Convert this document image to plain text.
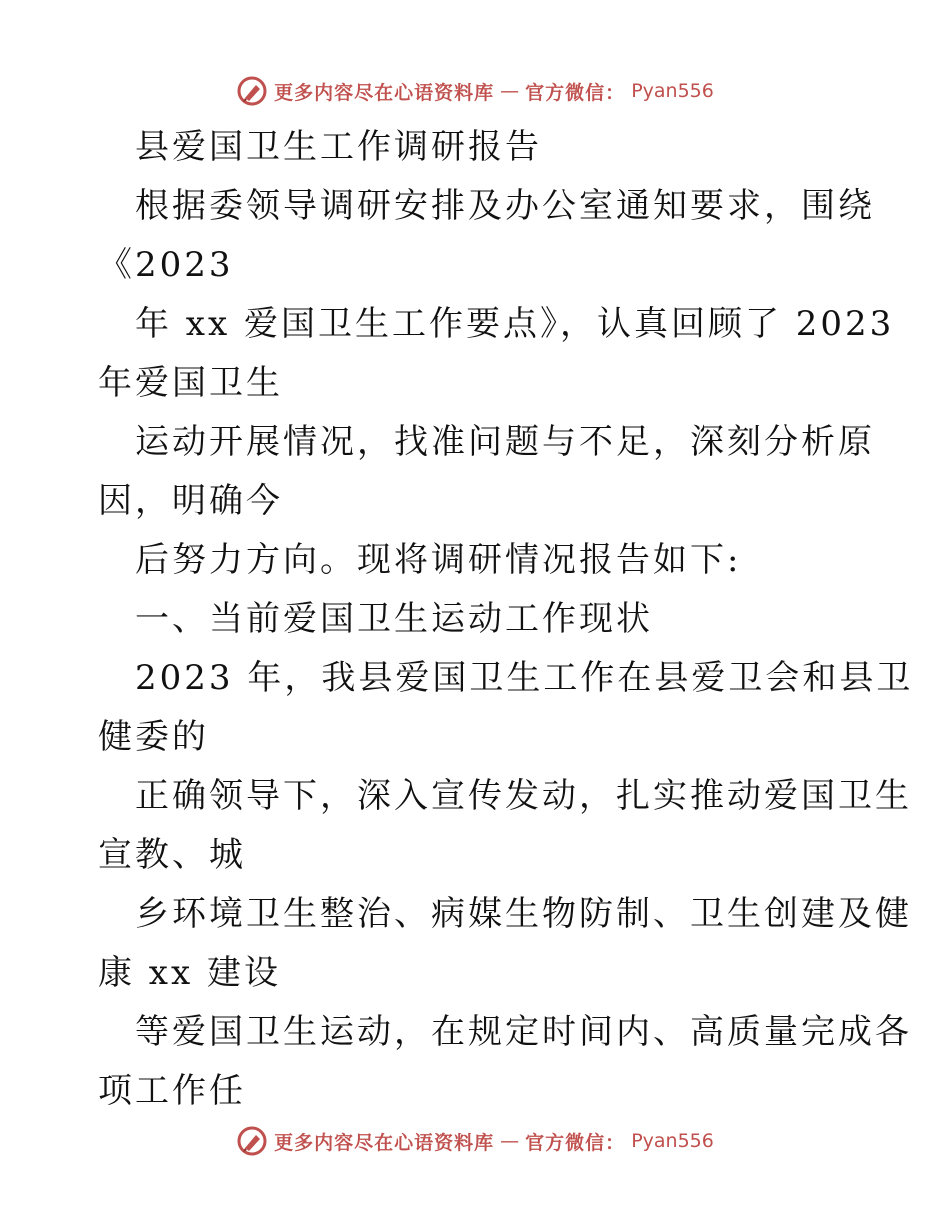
更多内容尽在心语资料库 — 官方微信： Pyan556
县爱国卫生工作调研报告
根据委领导调研安排及办公室通知要求，围绕
《2023
年 xx 爱国卫生工作要点》，认真回顾了 2023
年爱国卫生
运动开展情况，找准问题与不足，深刻分析原
因，明确今
后努力方向。现将调研情况报告如下:
一、当前爱国卫生运动工作现状
2023 年，我县爱国卫生工作在县爱卫会和县卫
健委的
正确领导下，深入宣传发动，扎实推动爱国卫生
宣教、城
乡环境卫生整治、病媒生物防制、卫生创建及健
康 xx 建设
等爱国卫生运动，在规定时间内、高质量完成各
项工作任
更多内容尽在心语资料库 — 官方微信： Pyan556
